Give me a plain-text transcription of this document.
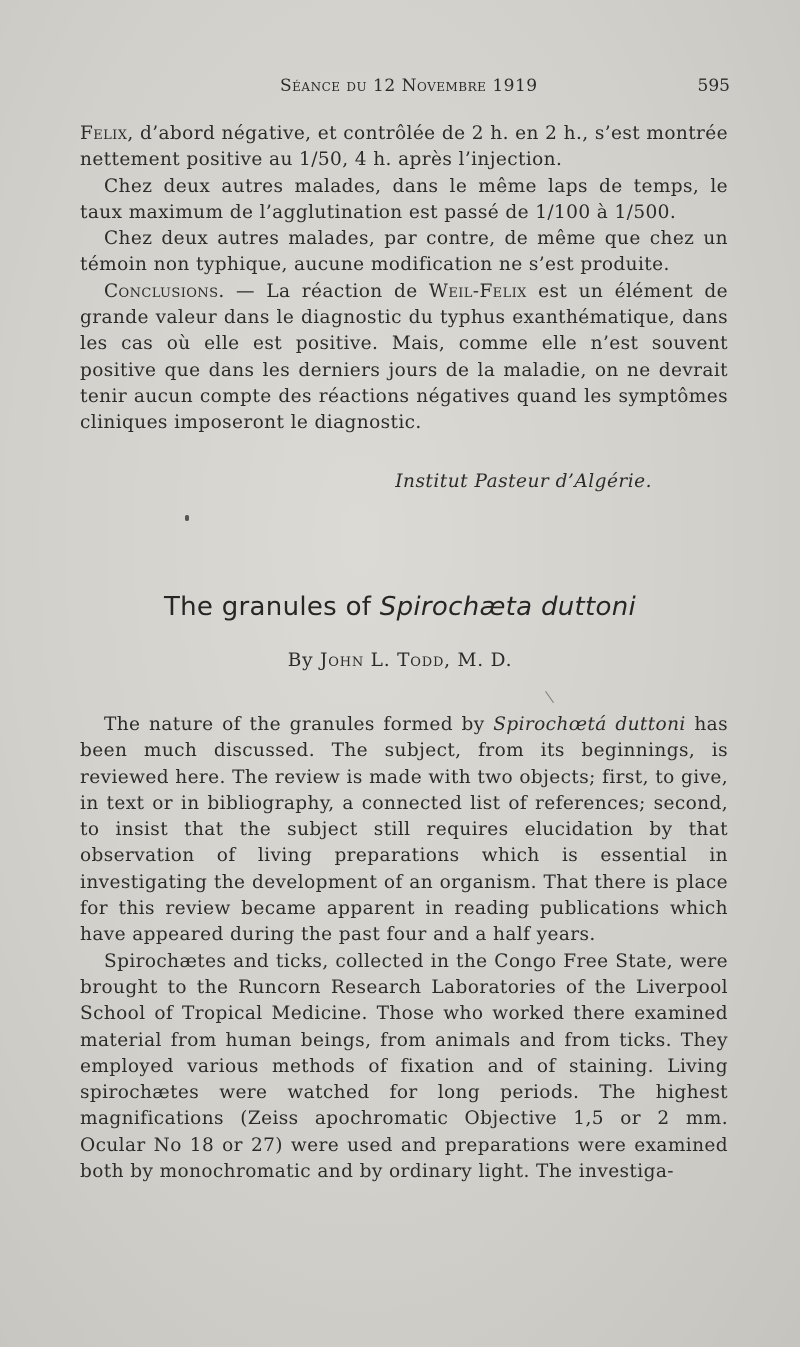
Séance du 12 Novembre 1919	595

Felix, d’abord négative, et contrôlée de 2 h. en 2 h., s’est montrée nettement positive au 1/50, 4 h. après l’injection.

Chez deux autres malades, dans le même laps de temps, le taux maximum de l’agglutination est passé de 1/100 à 1/500.

Chez deux autres malades, par contre, de même que chez un témoin non typhique, aucune modification ne s’est produite.

Conclusions. — La réaction de Weil-Felix est un élément de grande valeur dans le diagnostic du typhus exanthématique, dans les cas où elle est positive. Mais, comme elle n’est souvent positive que dans les derniers jours de la maladie, on ne devrait tenir aucun compte des réactions négatives quand les symptômes cliniques imposeront le diagnostic.

Institut Pasteur d’Algérie.
The granules of Spirochæta duttoni
By John L. Todd, M. D.

The nature of the granules formed by Spirochœtá duttoni has been much discussed. The subject, from its beginnings, is reviewed here. The review is made with two objects; first, to give, in text or in bibliography, a connected list of references; second, to insist that the subject still requires elucidation by that observation of living preparations which is essential in investigating the development of an organism. That there is place for this review became apparent in reading publications which have appeared during the past four and a half years.

Spirochætes and ticks, collected in the Congo Free State, were brought to the Runcorn Research Laboratories of the Liverpool School of Tropical Medicine. Those who worked there examined material from human beings, from animals and from ticks. They employed various methods of fixation and of staining. Living spirochætes were watched for long periods. The highest magnifications (Zeiss apochromatic Objective 1,5 or 2 mm. Ocular No 18 or 27) were used and preparations were examined both by monochromatic and by ordinary light. The investiga-
